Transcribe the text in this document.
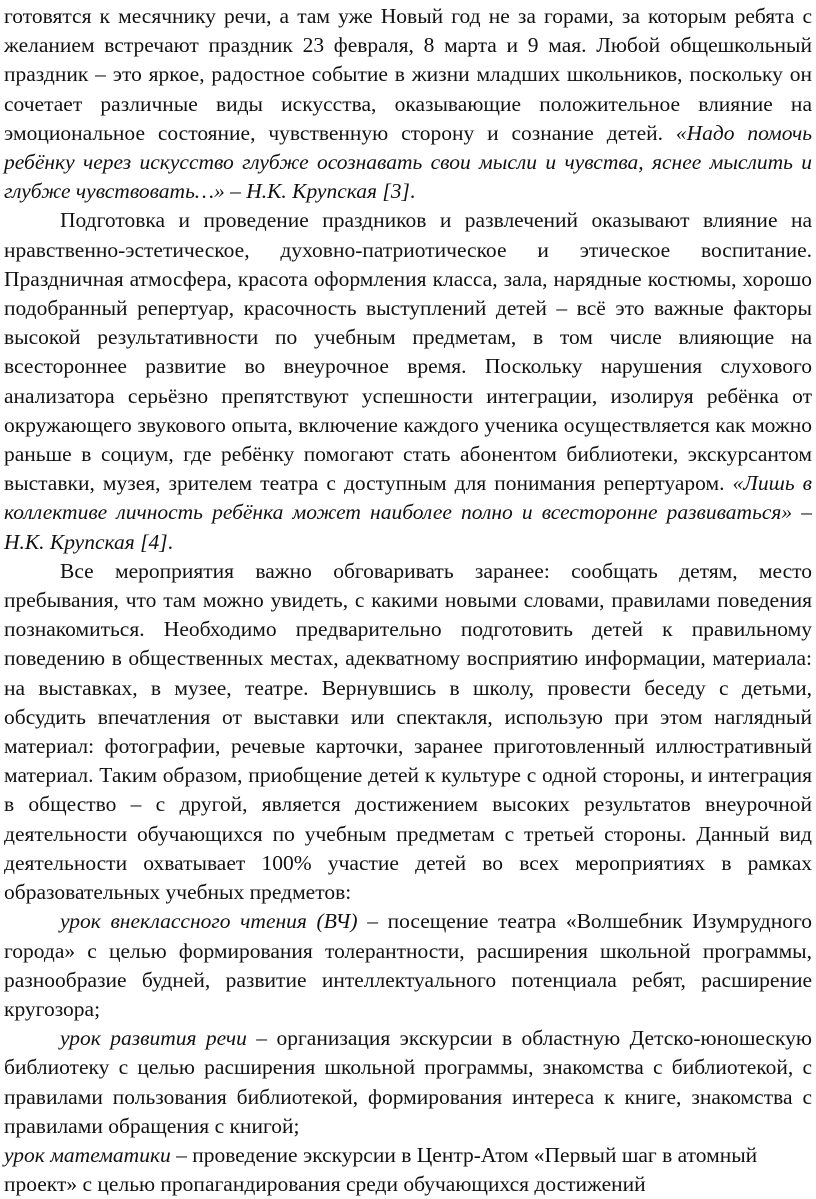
готовятся к месячнику речи, а там уже Новый год не за горами, за которым ребята с желанием встречают праздник 23 февраля, 8 марта и 9 мая. Любой общешкольный праздник – это яркое, радостное событие в жизни младших школьников, поскольку он сочетает различные виды искусства, оказывающие положительное влияние на эмоциональное состояние, чувственную сторону и сознание детей. «Надо помочь ребёнку через искусство глубже осознавать свои мысли и чувства, яснее мыслить и глубже чувствовать…» – Н.К. Крупская [3].

Подготовка и проведение праздников и развлечений оказывают влияние на нравственно-эстетическое, духовно-патриотическое и этическое воспитание. Праздничная атмосфера, красота оформления класса, зала, нарядные костюмы, хорошо подобранный репертуар, красочность выступлений детей – всё это важные факторы высокой результативности по учебным предметам, в том числе влияющие на всестороннее развитие во внеурочное время. Поскольку нарушения слухового анализатора серьёзно препятствуют успешности интеграции, изолируя ребёнка от окружающего звукового опыта, включение каждого ученика осуществляется как можно раньше в социум, где ребёнку помогают стать абонентом библиотеки, экскурсантом выставки, музея, зрителем театра с доступным для понимания репертуаром. «Лишь в коллективе личность ребёнка может наиболее полно и всесторонне развиваться» – Н.К. Крупская [4].

Все мероприятия важно обговаривать заранее: сообщать детям, место пребывания, что там можно увидеть, с какими новыми словами, правилами поведения познакомиться. Необходимо предварительно подготовить детей к правильному поведению в общественных местах, адекватному восприятию информации, материала: на выставках, в музее, театре. Вернувшись в школу, провести беседу с детьми, обсудить впечатления от выставки или спектакля, использую при этом наглядный материал: фотографии, речевые карточки, заранее приготовленный иллюстративный материал. Таким образом, приобщение детей к культуре с одной стороны, и интеграция в общество – с другой, является достижением высоких результатов внеурочной деятельности обучающихся по учебным предметам с третьей стороны. Данный вид деятельности охватывает 100% участие детей во всех мероприятиях в рамках образовательных учебных предметов:

урок внеклассного чтения (ВЧ) – посещение театра «Волшебник Изумрудного города» с целью формирования толерантности, расширения школьной программы, разнообразие будней, развитие интеллектуального потенциала ребят, расширение кругозора;

урок развития речи – организация экскурсии в областную Детско-юношескую библиотеку с целью расширения школьной программы, знакомства с библиотекой, с правилами пользования библиотекой, формирования интереса к книге, знакомства с правилами обращения с книгой;

урок математики – проведение экскурсии в Центр-Атом «Первый шаг в атомный проект» с целью пропагандирования среди обучающихся достижений
